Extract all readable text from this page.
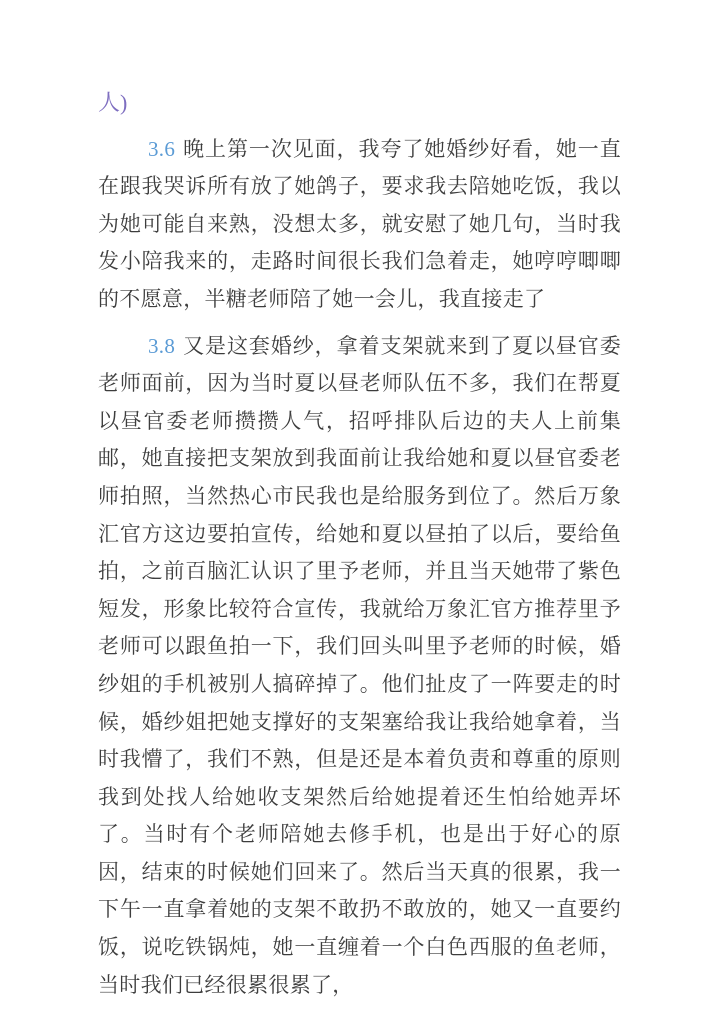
人)

3.6 晚上第一次见面，我夸了她婚纱好看，她一直在跟我哭诉所有放了她鸽子，要求我去陪她吃饭，我以为她可能自来熟，没想太多，就安慰了她几句，当时我发小陪我来的，走路时间很长我们急着走，她哼哼唧唧的不愿意，半糖老师陪了她一会儿，我直接走了

3.8 又是这套婚纱，拿着支架就来到了夏以昼官委老师面前，因为当时夏以昼老师队伍不多，我们在帮夏以昼官委老师攒攒人气，招呼排队后边的夫人上前集邮，她直接把支架放到我面前让我给她和夏以昼官委老师拍照，当然热心市民我也是给服务到位了。然后万象汇官方这边要拍宣传，给她和夏以昼拍了以后，要给鱼拍，之前百脑汇认识了里予老师，并且当天她带了紫色短发，形象比较符合宣传，我就给万象汇官方推荐里予老师可以跟鱼拍一下，我们回头叫里予老师的时候，婚纱姐的手机被别人搞碎掉了。他们扯皮了一阵要走的时候，婚纱姐把她支撑好的支架塞给我让我给她拿着，当时我懵了，我们不熟，但是还是本着负责和尊重的原则我到处找人给她收支架然后给她提着还生怕给她弄坏了。当时有个老师陪她去修手机，也是出于好心的原因，结束的时候她们回来了。然后当天真的很累，我一下午一直拿着她的支架不敢扔不敢放的，她又一直要约饭，说吃铁锅炖，她一直缠着一个白色西服的鱼老师，当时我们已经很累很累了，
